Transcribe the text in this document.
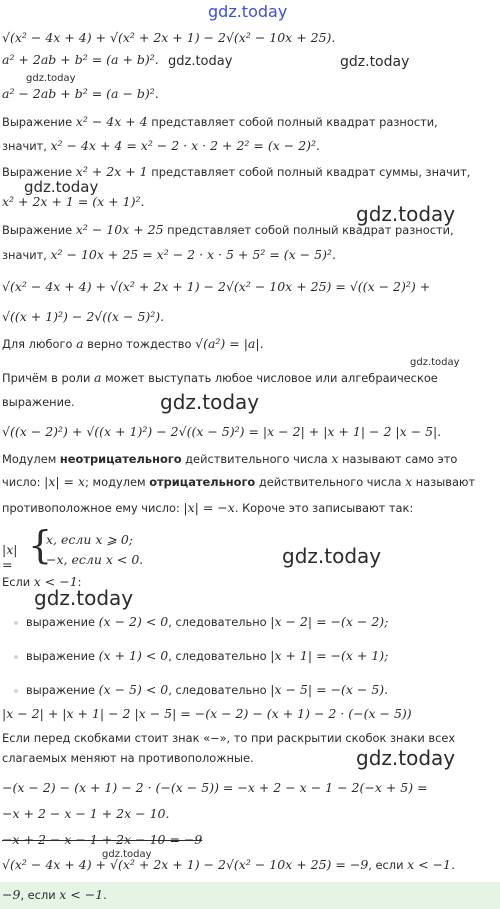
gdz.today
√(x² − 4x + 4) + √(x² + 2x + 1) − 2√(x² − 10x + 25).
a² + 2ab + b² = (a + b)². gdz.today	gdz.today
gdz.today
a² − 2ab + b² = (a − b)².
Выражение x² − 4x + 4 представляет собой полный квадрат разности,
значит, x² − 4x + 4 = x² − 2 · x · 2 + 2² = (x − 2)².
Выражение x² + 2x + 1 представляет собой полный квадрат суммы, значит,
gdz.today
x² + 2x + 1 = (x + 1)².
gdz.today
Выражение x² − 10x + 25 представляет собой полный квадрат разности,
значит, x² − 10x + 25 = x² − 2 · x · 5 + 5² = (x − 5)².
√(x² − 4x + 4) + √(x² + 2x + 1) − 2√(x² − 10x + 25) = √((x − 2)²) +
√((x + 1)²) − 2√((x − 5)²).
Для любого a верно тождество √(a²) = |a|.
gdz.today
Причём в роли a может выступать любое числовое или алгебраическое
выражение.	gdz.today
√((x − 2)²) + √((x + 1)²) − 2√((x − 5)²) = |x − 2| + |x + 1| − 2 |x − 5|.
Модулем неотрицательного действительного числа x называют само это
число: |x| = x; модулем отрицательного действительного числа x называют
противоположное ему число: |x| = −x. Короче это записывают так:
|x| = {
x, если x ⩾ 0;
−x, если x < 0.	gdz.today
Если x < −1:
gdz.today
выражение (x − 2) < 0, следовательно |x − 2| = −(x − 2);
выражение (x + 1) < 0, следовательно |x + 1| = −(x + 1);
выражение (x − 5) < 0, следовательно |x − 5| = −(x − 5).
|x − 2| + |x + 1| − 2 |x − 5| = −(x − 2) − (x + 1) − 2 · (−(x − 5))
Если перед скобками стоит знак «−», то при раскрытии скобок знаки всех
слагаемых меняют на противоположные.	gdz.today
−(x − 2) − (x + 1) − 2 · (−(x − 5)) = −x + 2 − x − 1 − 2(−x + 5) =
−x + 2 − x − 1 + 2x − 10.
−x + 2 − x − 1 + 2x − 10 = −9
gdz.today
√(x² − 4x + 4) + √(x² + 2x + 1) − 2√(x² − 10x + 25) = −9, если x < −1.
−9, если x < −1.
